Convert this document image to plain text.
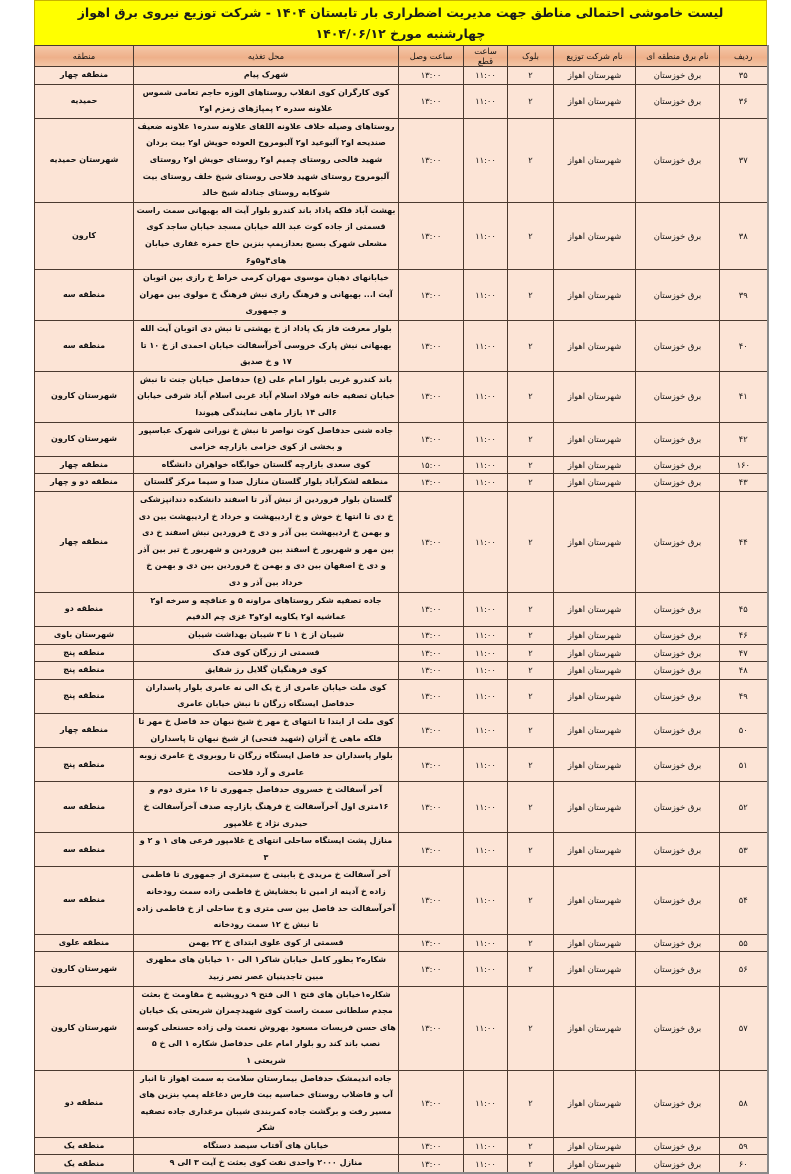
لیست خاموشی احتمالی مناطق جهت مدیریت اضطراری بار تابستان ۱۴۰۴ - شرکت توزیع نیروی برق اهواز
چهارشنبه مورخ ۱۴۰۴/۰۶/۱۲
ردیف	نام برق منطقه ای	نام شرکت توزیع	بلوک	ساعت قطع	ساعت وصل	محل تغذیه	منطقه
۳۵	برق خوزستان	شهرستان اهواز	۲	۱۱:۰۰	۱۳:۰۰	شهرک پیام	منطقه چهار
۳۶	برق خوزستان	شهرستان اهواز	۲	۱۱:۰۰	۱۳:۰۰	کوی کارگران کوی انقلاب روستاهای الوزه حاجم تعامی شموس علاونه سدره ۲ پمپاژهای زمزم او۲	حمیدیه
۳۷	برق خوزستان	شهرستان اهواز	۲	۱۱:۰۰	۱۳:۰۰	روستاهای وصیله خلاف علاونه اللفای علاونه سدره۱ علاونه ضعیف صندیحه او۲ آلبوعید او۲ آلبومروح العوده حویش او۲ بیت بردان شهید فالحی روستای چمیم او۲ روستای حویش او۲ روستای آلبومروح روستای شهید فلاحی روستای شیخ خلف روستای بیت شوکابه روستای جنادله شیخ خالد	شهرستان حمیدیه
۳۸	برق خوزستان	شهرستان اهواز	۲	۱۱:۰۰	۱۳:۰۰	بهشت آباد فلکه پاداد باند کندرو بلوار آیت اله بهبهانی سمت راست قسمتی از جاده کوت عبد الله خیابان مسجد خیابان ساجد کوی مشعلی شهرک بسیج بعدازپمپ بنزین حاج حمزه غفاری خیابان های۴و۵و۶	کارون
۳۹	برق خوزستان	شهرستان اهواز	۲	۱۱:۰۰	۱۳:۰۰	خیابانهای دهبان موسوی مهران کرمی خراط خ رازی بین اتوبان آیت ا... بهبهانی و فرهنگ رازی نبش فرهنگ خ مولوی بین مهران و جمهوری	منطقه سه
۴۰	برق خوزستان	شهرستان اهواز	۲	۱۱:۰۰	۱۳:۰۰	بلوار معرفت فاز یک پاداد از خ بهشتی تا نبش دی اتوبان آیت الله بهبهانی نبش پارک خروسی آخرآسفالت خیابان احمدی از خ ۱۰ تا ۱۷ و خ صدیق	منطقه سه
۴۱	برق خوزستان	شهرستان اهواز	۲	۱۱:۰۰	۱۳:۰۰	باند کندرو غربی بلوار امام علی (ع) حدفاصل خیابان جنت تا نبش خیابان تصفیه خانه فولاد اسلام آباد غربی اسلام آباد شرقی خیابان ۶الی ۱۴ بازار ماهی نمایندگی هیوندا	شهرستان کارون
۴۲	برق خوزستان	شهرستان اهواز	۲	۱۱:۰۰	۱۳:۰۰	جاده شنی حدفاصل کوت نواصر تا نبش خ نورانی شهرک عباسپور و بخشی از کوی خزامی بازارچه خزامی	شهرستان کارون
۱۶۰	برق خوزستان	شهرستان اهواز	۲	۱۱:۰۰	۱۵:۰۰	کوی سعدی بازارچه گلستان خوابگاه خواهران دانشگاه	منطقه چهار
۴۳	برق خوزستان	شهرستان اهواز	۲	۱۱:۰۰	۱۳:۰۰	منطقه لشکرآباد بلوار گلستان منازل صدا و سیما مرکز گلستان	منطقه دو و چهار
۴۴	برق خوزستان	شهرستان اهواز	۲	۱۱:۰۰	۱۳:۰۰	گلستان بلوار فروردین از نبش آذر تا اسفند دانشکده دندانپزشکی خ دی تا انتها خ خوش و خ اردیبهشت و خرداد خ اردیبهشت بین دی و بهمن خ اردیبهشت بین آذر و دی خ فروردین نبش اسفند خ دی بین مهر و شهریور خ اسفند بین فروردین و شهریور خ تیر بین آذر و دی خ اصفهان بین دی و بهمن خ فروردین بین دی و بهمن خ خرداد بین آذر و دی	منطقه چهار
۴۵	برق خوزستان	شهرستان اهواز	۲	۱۱:۰۰	۱۳:۰۰	جاده تصفیه شکر روستاهای مراونه ۵ و عنافچه و سرخه او۲ عماشیه او۲ یکاویه او۲و۳ غزی چم الدفیم	منطقه دو
۴۶	برق خوزستان	شهرستان اهواز	۲	۱۱:۰۰	۱۳:۰۰	شیبان از خ ۱ تا ۳ شیبان بهداشت شیبان	شهرستان باوی
۴۷	برق خوزستان	شهرستان اهواز	۲	۱۱:۰۰	۱۳:۰۰	قسمتی از زرگان کوی فدک	منطقه پنج
۴۸	برق خوزستان	شهرستان اهواز	۲	۱۱:۰۰	۱۳:۰۰	کوی فرهنگیان گلایل رز شقایق	منطقه پنج
۴۹	برق خوزستان	شهرستان اهواز	۲	۱۱:۰۰	۱۳:۰۰	کوی ملت خیابان عامری از خ یک الی نه عامری بلوار پاسداران حدفاصل ایستگاه زرگان تا نبش خیابان عامری	منطقه پنج
۵۰	برق خوزستان	شهرستان اهواز	۲	۱۱:۰۰	۱۳:۰۰	کوی ملت از ابتدا تا انتهای خ مهر خ شیخ نبهان حد فاصل خ مهر تا فلکه ماهی خ آتزان (شهید فتحی) از شیخ نبهان تا پاسداران	منطقه چهار
۵۱	برق خوزستان	شهرستان اهواز	۲	۱۱:۰۰	۱۳:۰۰	بلوار پاسداران حد فاصل ایستگاه زرگان تا روبروی خ عامری زوبه عامری و آرد فلاحت	منطقه پنج
۵۲	برق خوزستان	شهرستان اهواز	۲	۱۱:۰۰	۱۳:۰۰	آخر آسفالت خ خسروی حدفاصل جمهوری تا ۱۶ متری دوم و ۱۶متری اول آخرآسفالت خ فرهنگ بازارچه صدف آخرآسفالت خ حیدری نژاد خ غلامپور	منطقه سه
۵۳	برق خوزستان	شهرستان اهواز	۲	۱۱:۰۰	۱۳:۰۰	منازل پشت ایستگاه ساحلی انتهای خ غلامپور فرعی های ۱ و ۲ و ۳	منطقه سه
۵۴	برق خوزستان	شهرستان اهواز	۲	۱۱:۰۰	۱۳:۰۰	آخر آسفالت خ مریدی خ بابینی خ سیمتری از جمهوری تا فاطمی زاده خ آدینه از امین تا بخشایش خ فاطمی زاده سمت رودخانه آخرآسفالت حد فاصل بین سی متری و خ ساحلی از خ فاطمی زاده تا نبش خ ۱۲ سمت رودخانه	منطقه سه
۵۵	برق خوزستان	شهرستان اهواز	۲	۱۱:۰۰	۱۳:۰۰	قسمتی از کوی علوی ابتدای خ ۲۲ بهمن	منطقه علوی
۵۶	برق خوزستان	شهرستان اهواز	۲	۱۱:۰۰	۱۳:۰۰	شکاره۲ بطور کامل خیابان شاکر۱ الی ۱۰ خیابان های مطهری مبین تاجدینیان عصر نصر زبید	شهرستان کارون
۵۷	برق خوزستان	شهرستان اهواز	۲	۱۱:۰۰	۱۳:۰۰	شکاره۱خیابان های فتح ۱ الی فتح ۹ درویشیه خ مقاومت خ بعثت مجدم سلطانی سمت راست کوی شهیدچمران شریعتی یک خیابان های حسن فریسات مسعود بهروش نعمت ولی زاده حسنعلی کوسه نصب باند کند رو بلوار امام علی حدفاصل شکاره ۱ الی خ ۵ شریعتی ۱	شهرستان کارون
۵۸	برق خوزستان	شهرستان اهواز	۲	۱۱:۰۰	۱۳:۰۰	جاده اندیمشک حدفاصل بیمارستان سلامت به سمت اهواز تا انبار آب و فاضلاب روستای خماسیه بیت فارس دغاغله پمپ بنزین های مسیر رفت و برگشت جاده کمربندی شیبان مرغداری جاده تصفیه شکر	منطقه دو
۵۹	برق خوزستان	شهرستان اهواز	۲	۱۱:۰۰	۱۳:۰۰	خیابان های آفتاب سیصد دستگاه	منطقه یک
۶۰	برق خوزستان	شهرستان اهواز	۲	۱۱:۰۰	۱۳:۰۰	منازل ۲۰۰۰ واحدی نفت کوی بعثت خ آیت ۳ الی ۹	منطقه یک
